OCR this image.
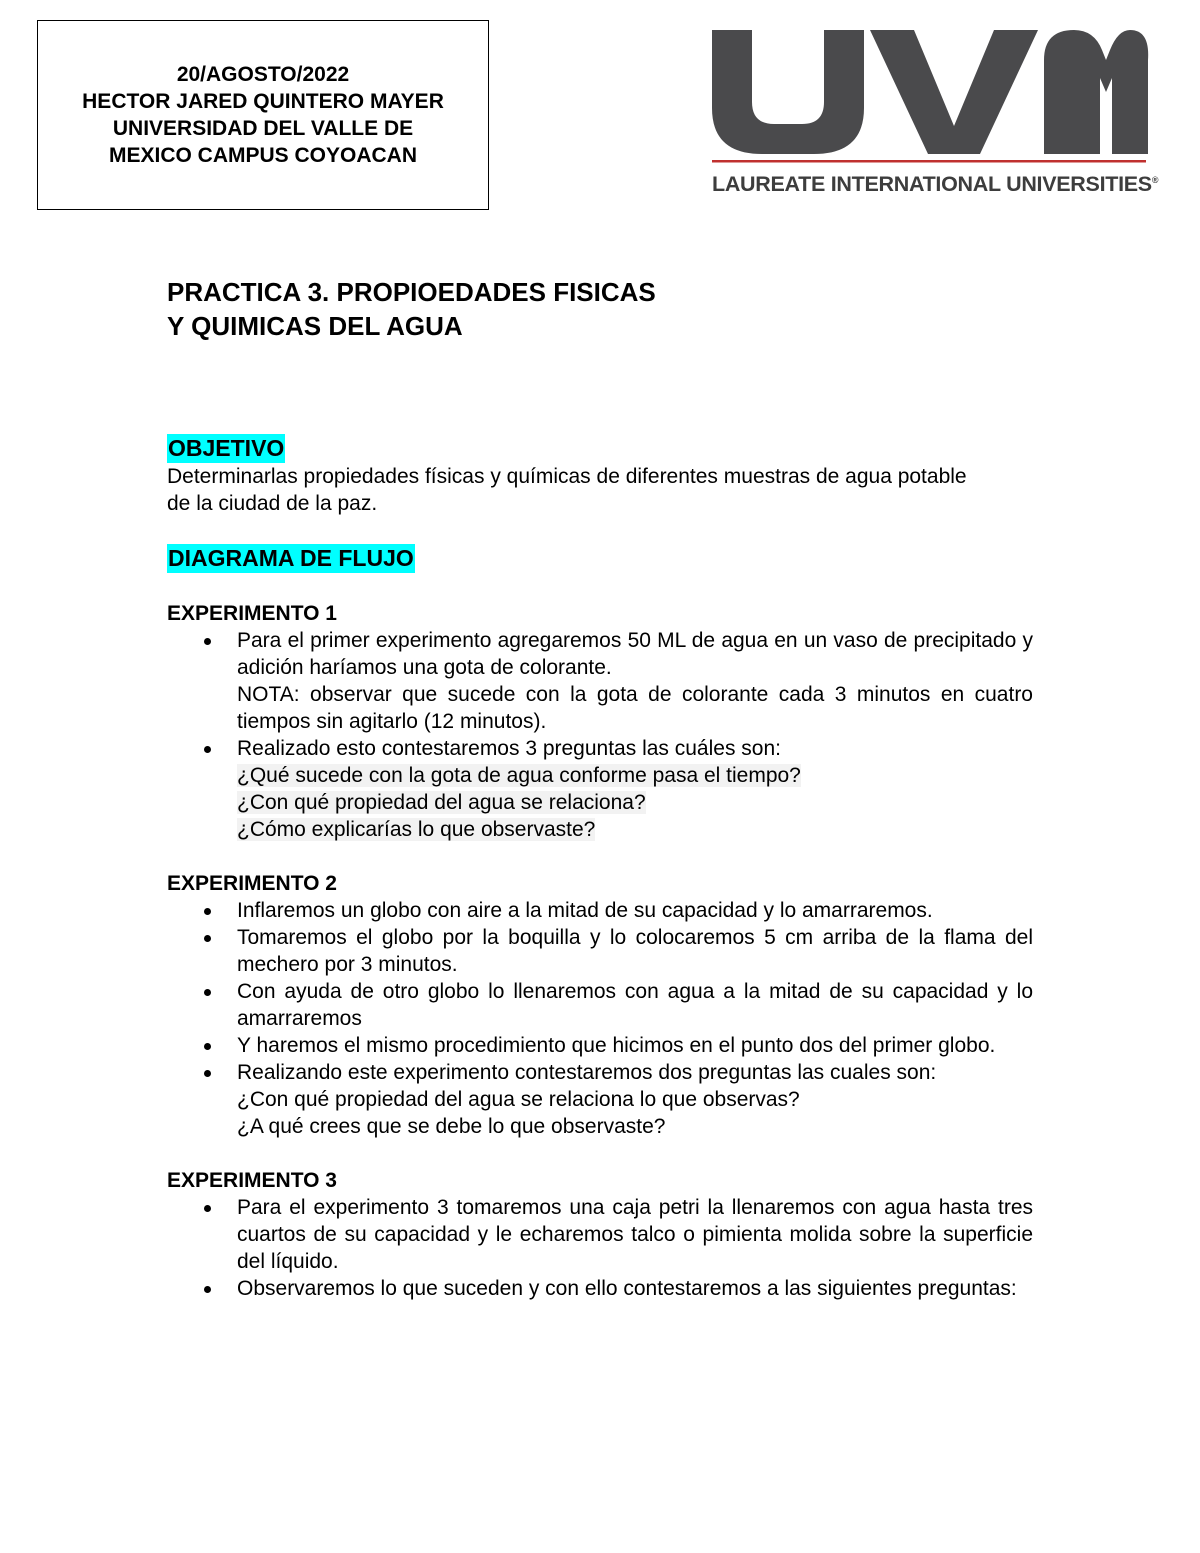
20/AGOSTO/2022
HECTOR JARED QUINTERO MAYER
UNIVERSIDAD DEL VALLE DE
MEXICO CAMPUS COYOACAN
LAUREATE INTERNATIONAL UNIVERSITIES®

PRACTICA 3. PROPIOEDADES FISICAS
Y QUIMICAS DEL AGUA

OBJETIVO

Determinarlas propiedades físicas y químicas de diferentes muestras de agua potable de la ciudad de la paz.

DIAGRAMA DE FLUJO

EXPERIMENTO 1

Para el primer experimento agregaremos 50 ML de agua en un vaso de precipitado y adición haríamos una gota de colorante.
NOTA: observar que sucede con la gota de colorante cada 3 minutos en cuatro tiempos sin agitarlo (12 minutos).
Realizado esto contestaremos 3 preguntas las cuáles son:
¿Qué sucede con la gota de agua conforme pasa el tiempo?
¿Con qué propiedad del agua se relaciona?
¿Cómo explicarías lo que observaste?

EXPERIMENTO 2

Inflaremos un globo con aire a la mitad de su capacidad y lo amarraremos.
Tomaremos el globo por la boquilla y lo colocaremos 5 cm arriba de la flama del mechero por 3 minutos.
Con ayuda de otro globo lo llenaremos con agua a la mitad de su capacidad y lo amarraremos
Y haremos el mismo procedimiento que hicimos en el punto dos del primer globo.
Realizando este experimento contestaremos dos preguntas las cuales son:
¿Con qué propiedad del agua se relaciona lo que observas?
¿A qué crees que se debe lo que observaste?

EXPERIMENTO 3

Para el experimento 3 tomaremos una caja petri la llenaremos con agua hasta tres cuartos de su capacidad y le echaremos talco o pimienta molida sobre la superficie del líquido.
Observaremos lo que suceden y con ello contestaremos a las siguientes preguntas:
